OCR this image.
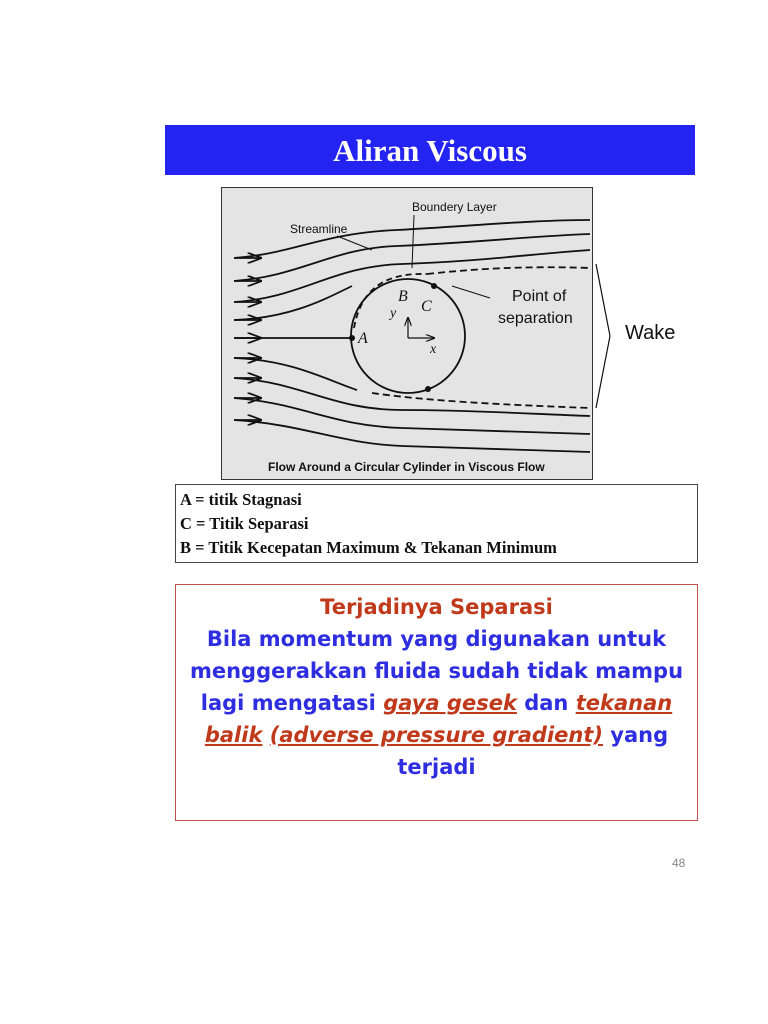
Aliran Viscous
Streamline
Boundery Layer
B
C
y
A
x
Point of
separation
Flow Around a Circular Cylinder in Viscous Flow
Wake
A = titik Stagnasi
C = Titik Separasi
B = Titik Kecepatan Maximum & Tekanan Minimum
Terjadinya Separasi
Bila momentum yang digunakan untuk menggerakkan fluida sudah tidak mampu lagi mengatasi gaya gesek dan tekanan balik (adverse pressure gradient) yang terjadi
48
